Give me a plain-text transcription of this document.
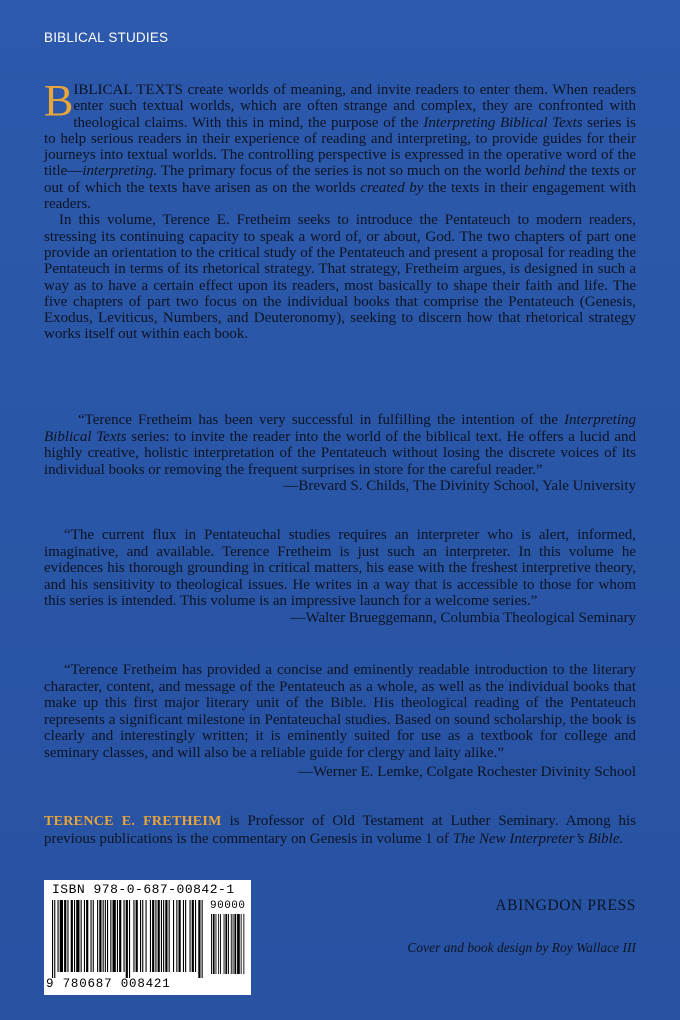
BIBLICAL STUDIES

BIBLICAL TEXTS create worlds of meaning, and invite readers to enter them. When readers enter such textual worlds, which are often strange and complex, they are confronted with theological claims. With this in mind, the purpose of the Interpreting Biblical Texts series is to help serious readers in their experience of reading and interpreting, to provide guides for their journeys into textual worlds. The controlling perspective is expressed in the operative word of the title—interpreting. The primary focus of the series is not so much on the world behind the texts or out of which the texts have arisen as on the worlds created by the texts in their engagement with readers.

In this volume, Terence E. Fretheim seeks to introduce the Pentateuch to modern readers, stressing its continuing capacity to speak a word of, or about, God. The two chapters of part one provide an orientation to the critical study of the Pentateuch and present a proposal for reading the Pentateuch in terms of its rhetorical strategy. That strategy, Fretheim argues, is designed in such a way as to have a certain effect upon its readers, most basically to shape their faith and life. The five chapters of part two focus on the individual books that comprise the Pentateuch (Genesis, Exodus, Leviticus, Numbers, and Deuteronomy), seeking to discern how that rhetorical strategy works itself out within each book.

“Terence Fretheim has been very successful in fulfilling the intention of the Interpreting Biblical Texts series: to invite the reader into the world of the biblical text. He offers a lucid and highly creative, holistic interpretation of the Pentateuch without losing the discrete voices of its individual books or removing the frequent surprises in store for the careful reader.”

—Brevard S. Childs, The Divinity School, Yale University

“The current flux in Pentateuchal studies requires an interpreter who is alert, informed, imaginative, and available. Terence Fretheim is just such an interpreter. In this volume he evidences his thorough grounding in critical matters, his ease with the freshest interpretive theory, and his sensitivity to theological issues. He writes in a way that is accessible to those for whom this series is intended. This volume is an impressive launch for a welcome series.”

—Walter Brueggemann, Columbia Theological Seminary

“Terence Fretheim has provided a concise and eminently readable introduction to the literary character, content, and message of the Pentateuch as a whole, as well as the individual books that make up this first major literary unit of the Bible. His theological reading of the Pentateuch represents a significant milestone in Pentateuchal studies. Based on sound scholarship, the book is clearly and interestingly written; it is eminently suited for use as a textbook for college and seminary classes, and will also be a reliable guide for clergy and laity alike.”

—Werner E. Lemke, Colgate Rochester Divinity School

TERENCE E. FRETHEIM is Professor of Old Testament at Luther Seminary. Among his previous publications is the commentary on Genesis in volume 1 of The New Interpreter’s Bible.

ISBN 978-0-687-00842-1
90000
9 780687 008421
ABINGDON PRESS
Cover and book design by Roy Wallace III
